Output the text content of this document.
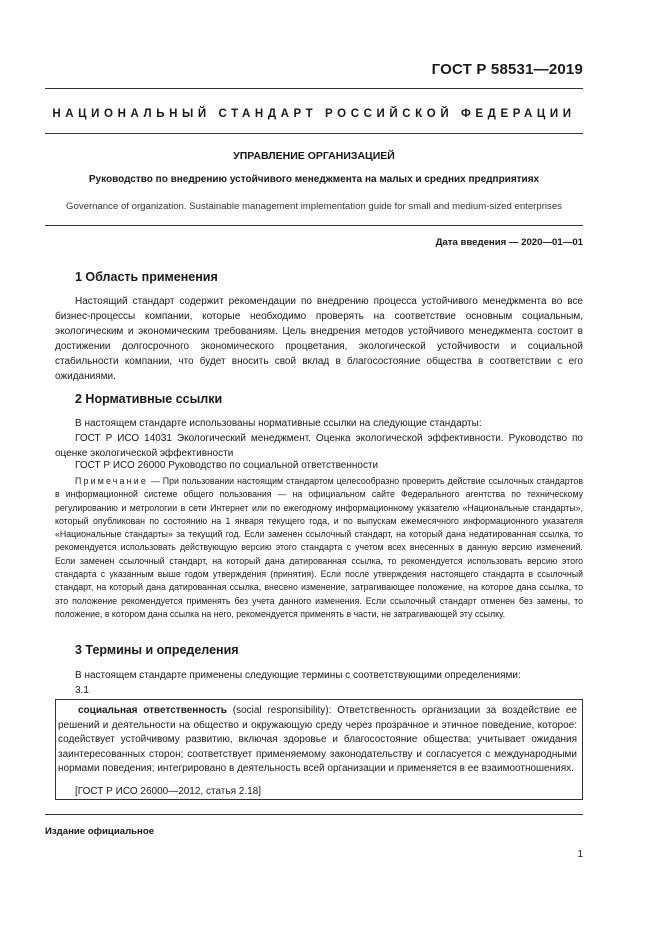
ГОСТ Р 58531—2019
НАЦИОНАЛЬНЫЙ СТАНДАРТ РОССИЙСКОЙ ФЕДЕРАЦИИ
УПРАВЛЕНИЕ ОРГАНИЗАЦИЕЙ
Руководство по внедрению устойчивого менеджмента на малых и средних предприятиях
Governance of organization. Sustainable management implementation guide for small and medium-sized enterprises
Дата введения — 2020—01—01
1 Область применения
Настоящий стандарт содержит рекомендации по внедрению процесса устойчивого менеджмента во все бизнес-процессы компании, которые необходимо проверять на соответствие основным социальным, экологическим и экономическим требованиям. Цель внедрения методов устойчивого менеджмента состоит в достижении долгосрочного экономического процветания, экологической устойчивости и социальной стабильности компании, что будет вносить свой вклад в благосостояние общества в соответствии с его ожиданиями.
2 Нормативные ссылки
В настоящем стандарте использованы нормативные ссылки на следующие стандарты:
ГОСТ Р ИСО 14031 Экологический менеджмент. Оценка экологической эффективности. Руководство по оценке экологической эффективности
ГОСТ Р ИСО 26000 Руководство по социальной ответственности
Примечание — При пользовании настоящим стандартом целесообразно проверить действие ссылочных стандартов в информационной системе общего пользования — на официальном сайте Федерального агентства по техническому регулированию и метрологии в сети Интернет или по ежегодному информационному указателю «Национальные стандарты», который опубликован по состоянию на 1 января текущего года, и по выпускам ежемесячного информационного указателя «Национальные стандарты» за текущий год. Если заменен ссылочный стандарт, на который дана недатированная ссылка, то рекомендуется использовать действующую версию этого стандарта с учетом всех внесенных в данную версию изменений. Если заменен ссылочный стандарт, на который дана датированная ссылка, то рекомендуется использовать версию этого стандарта с указанным выше годом утверждения (принятия). Если после утверждения настоящего стандарта в ссылочный стандарт, на который дана датированная ссылка, внесено изменение, затрагивающее положение, на которое дана ссылка, то это положение рекомендуется применять без учета данного изменения. Если ссылочный стандарт отменен без замены, то положение, в котором дана ссылка на него, рекомендуется применять в части, не затрагивающей эту ссылку.
3 Термины и определения
В настоящем стандарте применены следующие термины с соответствующими определениями:
3.1
социальная ответственность (social responsibility): Ответственность организации за воздействие ее решений и деятельности на общество и окружающую среду через прозрачное и этичное поведение, которое: содействует устойчивому развитию, включая здоровье и благосостояние общества; учитывает ожидания заинтересованных сторон; соответствует применяемому законодательству и согласуется с международными нормами поведения; интегрировано в деятельность всей организации и применяется в ее взаимоотношениях.
[ГОСТ Р ИСО 26000—2012, статья 2.18]
Издание официальное
1
